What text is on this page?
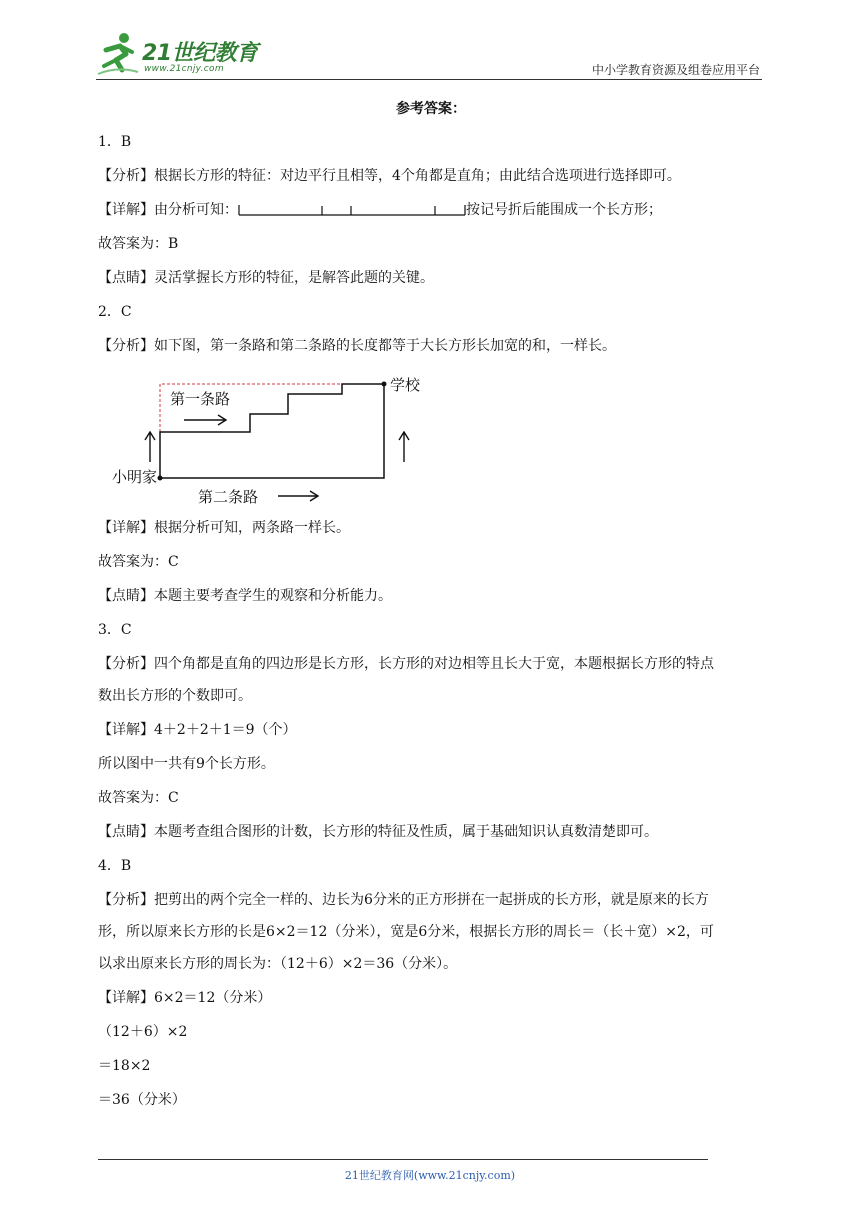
21世纪教育
www.21cnjy.com	中小学教育资源及组卷应用平台
参考答案：
1．B
【分析】根据长方形的特征：对边平行且相等，4个角都是直角；由此结合选项进行选择即可。
【详解】由分析可知：	按记号折后能围成一个长方形；
故答案为：B
【点睛】灵活掌握长方形的特征，是解答此题的关键。
2．C
【分析】如下图，第一条路和第二条路的长度都等于大长方形长加宽的和，一样长。
第一条路
第二条路
小明家
学校
【详解】根据分析可知，两条路一样长。
故答案为：C
【点睛】本题主要考查学生的观察和分析能力。
3．C
【分析】四个角都是直角的四边形是长方形，长方形的对边相等且长大于宽，本题根据长方形的特点
数出长方形的个数即可。
【详解】4＋2＋2＋1＝9（个）
所以图中一共有9个长方形。
故答案为：C
【点睛】本题考查组合图形的计数，长方形的特征及性质，属于基础知识认真数清楚即可。
4．B
【分析】把剪出的两个完全一样的、边长为6分米的正方形拼在一起拼成的长方形，就是原来的长方
形，所以原来长方形的长是6×2＝12（分米），宽是6分米，根据长方形的周长＝（长＋宽）×2，可
以求出原来长方形的周长为：（12＋6）×2＝36（分米）。
【详解】6×2＝12（分米）
（12＋6）×2
＝18×2
＝36（分米）
21世纪教育网(www.21cnjy.com)
